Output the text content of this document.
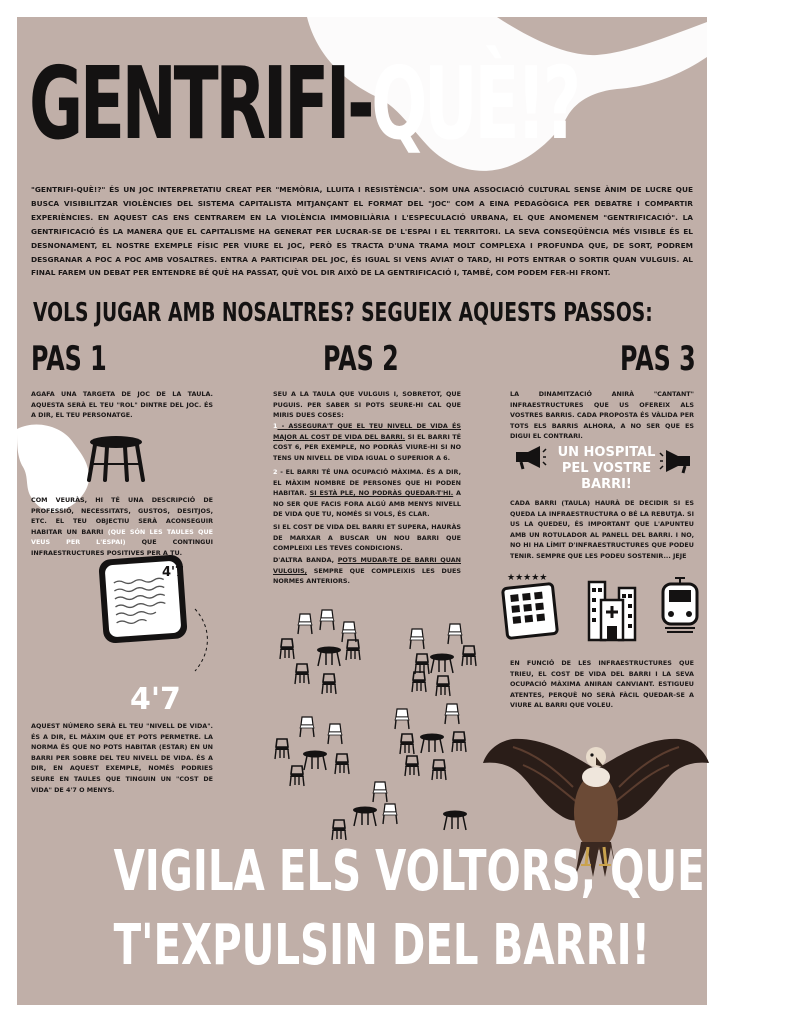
GENTRIFI-QUÈ!?
"GENTRIFI-QUÈ!?" ÉS UN JOC INTERPRETATIU CREAT PER "MEMÒRIA, LLUITA I RESISTÈNCIA". SOM UNA ASSOCIACIÓ CULTURAL SENSE ÀNIM DE LUCRE QUE BUSCA VISIBILITZAR VIOLÈNCIES DEL SISTEMA CAPITALISTA MITJANÇANT EL FORMAT DEL "JOC" COM A EINA PEDAGÒGICA PER DEBATRE I COMPARTIR EXPERIÈNCIES. EN AQUEST CAS ENS CENTRAREM EN LA VIOLÈNCIA IMMOBILIÀRIA I L'ESPECULACIÓ URBANA, EL QUE ANOMENEM "GENTRIFICACIÓ". LA GENTRIFICACIÓ ÉS LA MANERA QUE EL CAPITALISME HA GENERAT PER LUCRAR-SE DE L'ESPAI I EL TERRITORI. LA SEVA CONSEQÜÈNCIA MÉS VISIBLE ÉS EL DESNONAMENT, EL NOSTRE EXEMPLE FÍSIC PER VIURE EL JOC, PERÒ ES TRACTA D'UNA TRAMA MOLT COMPLEXA I PROFUNDA QUE, DE SORT, PODREM DESGRANAR A POC A POC AMB VOSALTRES. ENTRA A PARTICIPAR DEL JOC, ÉS IGUAL SI VENS AVIAT O TARD, HI POTS ENTRAR O SORTIR QUAN VULGUIS. AL FINAL FAREM UN DEBAT PER ENTENDRE BÉ QUÈ HA PASSAT, QUÈ VOL DIR AIXÒ DE LA GENTRIFICACIÓ I, TAMBÉ, COM PODEM FER-HI FRONT.
VOLS JUGAR AMB NOSALTRES? SEGUEIX AQUESTS PASSOS:
PAS 1	PAS 2	PAS 3
AGAFA UNA TARGETA DE JOC DE LA TAULA. AQUESTA SERÀ EL TEU "ROL" DINTRE DEL JOC. ÉS A DIR, EL TEU PERSONATGE.
COM VEURÀS, HI TÉ UNA DESCRIPCIÓ DE PROFESSIÓ, NECESSITATS, GUSTOS, DESITJOS, ETC. EL TEU OBJECTIU SERÀ ACONSEGUIR HABITAR UN BARRI (QUE SÓN LES TAULES QUE VEUS PER L'ESPAI) QUE CONTINGUI INFRAESTRUCTURES POSITIVES PER A TU.
4'7
4'7
AQUEST NÚMERO SERÀ EL TEU "NIVELL DE VIDA". ÉS A DIR, EL MÀXIM QUE ET POTS PERMETRE. LA NORMA ÉS QUE NO POTS HABITAR (ESTAR) EN UN BARRI PER SOBRE DEL TEU NIVELL DE VIDA. ÉS A DIR, EN AQUEST EXEMPLE, NOMÉS PODRIES SEURE EN TAULES QUE TINGUIN UN "COST DE VIDA" DE 4'7 O MENYS.
SEU A LA TAULA QUE VULGUIS I, SOBRETOT, QUE PUGUIS. PER SABER SI POTS SEURE-HI CAL QUE MIRIS DUES COSES:
1 - ASSEGURA'T QUE EL TEU NIVELL DE VIDA ÉS MAJOR AL COST DE VIDA DEL BARRI. SI EL BARRI TÉ COST 6, PER EXEMPLE, NO PODRÀS VIURE-HI SI NO TENS UN NIVELL DE VIDA IGUAL O SUPERIOR A 6.
2 - EL BARRI TÉ UNA OCUPACIÓ MÀXIMA. ÉS A DIR, EL MÀXIM NOMBRE DE PERSONES QUE HI PODEN HABITAR. SI ESTÀ PLE, NO PODRÀS QUEDAR-T'HI. A NO SER QUE FACIS FORA ALGÚ AMB MENYS NIVELL DE VIDA QUE TU, NOMÉS SI VOLS, ÉS CLAR.
SI EL COST DE VIDA DEL BARRI ET SUPERA, HAURÀS DE MARXAR A BUSCAR UN NOU BARRI QUE COMPLEIXI LES TEVES CONDICIONS.
D'ALTRA BANDA, POTS MUDAR-TE DE BARRI QUAN VULGUIS, SEMPRE QUE COMPLEIXIS LES DUES NORMES ANTERIORS.
LA DINAMITZACIÓ ANIRÀ "CANTANT" INFRAESTRUCTURES QUE US OFEREIX ALS VOSTRES BARRIS. CADA PROPOSTA ÉS VÀLIDA PER TOTS ELS BARRIS ALHORA, A NO SER QUE ES DIGUI EL CONTRARI.
UN HOSPITAL PEL VOSTRE BARRI!
CADA BARRI (TAULA) HAURÀ DE DECIDIR SI ES QUEDA LA INFRAESTRUCTURA O BÉ LA REBUTJA. SI US LA QUEDEU, ÉS IMPORTANT QUE L'APUNTEU AMB UN ROTULADOR AL PANELL DEL BARRI. I NO, NO HI HA LÍMIT D'INFRAESTRUCTURES QUE PODEU TENIR. SEMPRE QUE LES PODEU SOSTENIR... JEJE
★★★★★
EN FUNCIÓ DE LES INFRAESTRUCTURES QUE TRIEU, EL COST DE VIDA DEL BARRI I LA SEVA OCUPACIÓ MÀXIMA ANIRAN CANVIANT. ESTIGUEU ATENTES, PERQUÈ NO SERÀ FÀCIL QUEDAR-SE A VIURE AL BARRI QUE VOLEU.
VIGILA ELS VOLTORS, QUE NO
T'EXPULSIN DEL BARRI!
